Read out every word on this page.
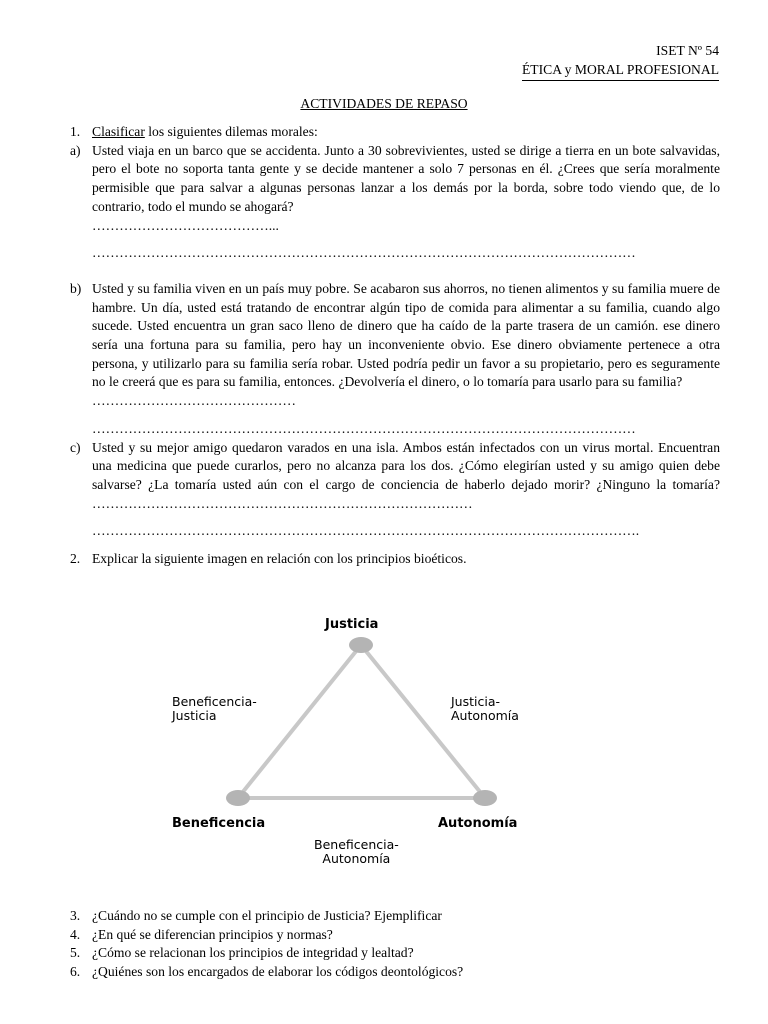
ISET Nº 54
ÉTICA y MORAL PROFESIONAL
ACTIVIDADES DE REPASO
1. Clasificar los siguientes dilemas morales:
a) Usted viaja en un barco que se accidenta. Junto a 30 sobrevivientes, usted se dirige a tierra en un bote salvavidas, pero el bote no soporta tanta gente y se decide mantener a solo 7 personas en él. ¿Crees que sería moralmente permisible que para salvar a algunas personas lanzar a los demás por la borda, sobre todo viendo que, de lo contrario, todo el mundo se ahogará?
…………………………………...
…………………………………………………………………………………………………………
b) Usted y su familia viven en un país muy pobre. Se acabaron sus ahorros, no tienen alimentos y su familia muere de hambre. Un día, usted está tratando de encontrar algún tipo de comida para alimentar a su familia, cuando algo sucede. Usted encuentra un gran saco lleno de dinero que ha caído de la parte trasera de un camión. ese dinero sería una fortuna para su familia, pero hay un inconveniente obvio. Ese dinero obviamente pertenece a otra persona, y utilizarlo para su familia sería robar. Usted podría pedir un favor a su propietario, pero es seguramente no le creerá que es para su familia, entonces. ¿Devolvería el dinero, o lo tomaría para usarlo para su familia?
………………………………………
…………………………………………………………………………………………………………
c) Usted y su mejor amigo quedaron varados en una isla. Ambos están infectados con un virus mortal. Encuentran una medicina que puede curarlos, pero no alcanza para los dos. ¿Cómo elegirían usted y su amigo quien debe salvarse? ¿La tomaría usted aún con el cargo de conciencia de haberlo dejado morir? ¿Ninguno la tomaría?
…………………………………………………………………………
………………………………………………………………………………………………………….
2. Explicar la siguiente imagen en relación con los principios bioéticos.
Justicia
Beneficencia-
Justicia
Justicia-
Autonomía
Beneficencia	Autonomía
Beneficencia-
Autonomía
3. ¿Cuándo no se cumple con el principio de Justicia? Ejemplificar
4. ¿En qué se diferencian principios y normas?
5. ¿Cómo se relacionan los principios de integridad y lealtad?
6. ¿Quiénes son los encargados de elaborar los códigos deontológicos?
